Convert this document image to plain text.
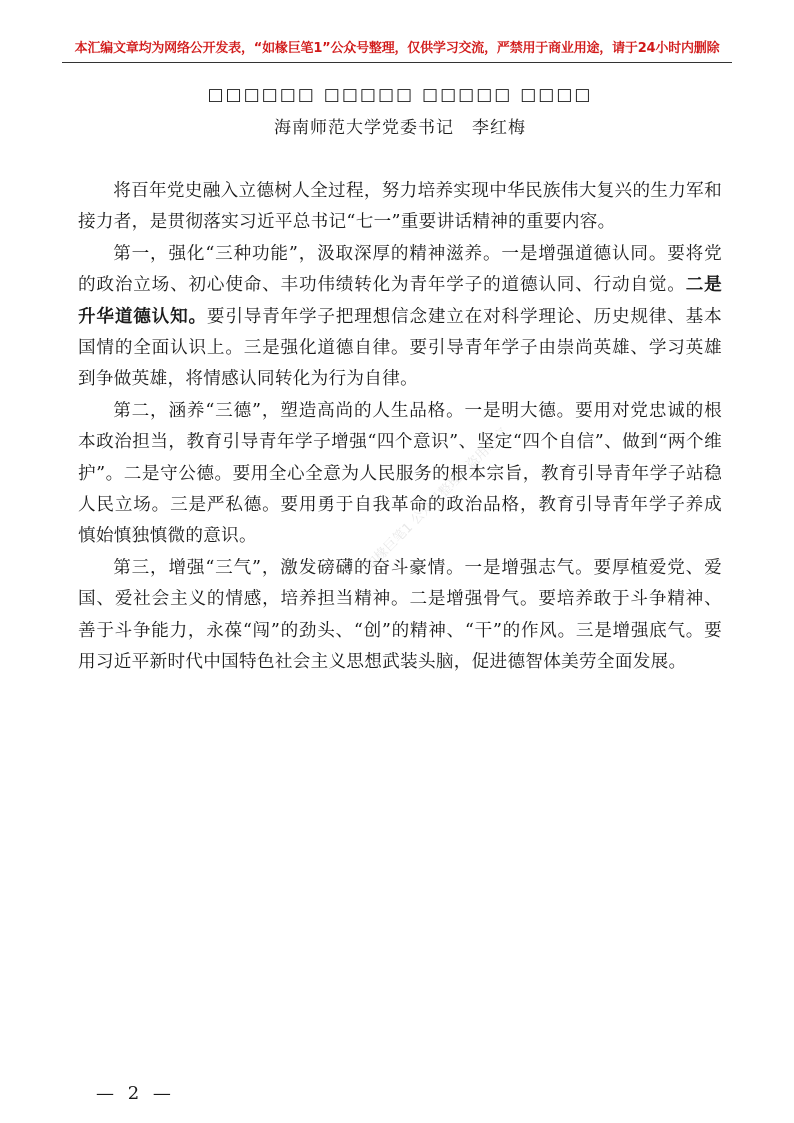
本汇编文章均为网络公开发表，“如椽巨笔1”公众号整理，仅供学习交流，严禁用于商业用途，请于24小时内删除
□□□□□□ □□□□□ □□□□□ □□□□
海南师范大学党委书记　李红梅

将百年党史融入立德树人全过程，努力培养实现中华民族伟大复兴的生力军和接力者，是贯彻落实习近平总书记“七一”重要讲话精神的重要内容。

第一，强化“三种功能”，汲取深厚的精神滋养。一是增强道德认同。要将党的政治立场、初心使命、丰功伟绩转化为青年学子的道德认同、行动自觉。二是升华道德认知。要引导青年学子把理想信念建立在对科学理论、历史规律、基本国情的全面认识上。三是强化道德自律。要引导青年学子由崇尚英雄、学习英雄到争做英雄，将情感认同转化为行为自律。

第二，涵养“三德”，塑造高尚的人生品格。一是明大德。要用对党忠诚的根本政治担当，教育引导青年学子增强“四个意识”、坚定“四个自信”、做到“两个维护”。二是守公德。要用全心全意为人民服务的根本宗旨，教育引导青年学子站稳人民立场。三是严私德。要用勇于自我革命的政治品格，教育引导青年学子养成慎始慎独慎微的意识。

第三，增强“三气”，激发磅礴的奋斗豪情。一是增强志气。要厚植爱党、爱国、爱社会主义的情感，培养担当精神。二是增强骨气。要培养敢于斗争精神、善于斗争能力，永葆“闯”的劲头、“创”的精神、“干”的作风。三是增强底气。要用习近平新时代中国特色社会主义思想武装头脑，促进德智体美劳全面发展。

如椽巨笔1 公众号整理，盗用必究
— 2 —
